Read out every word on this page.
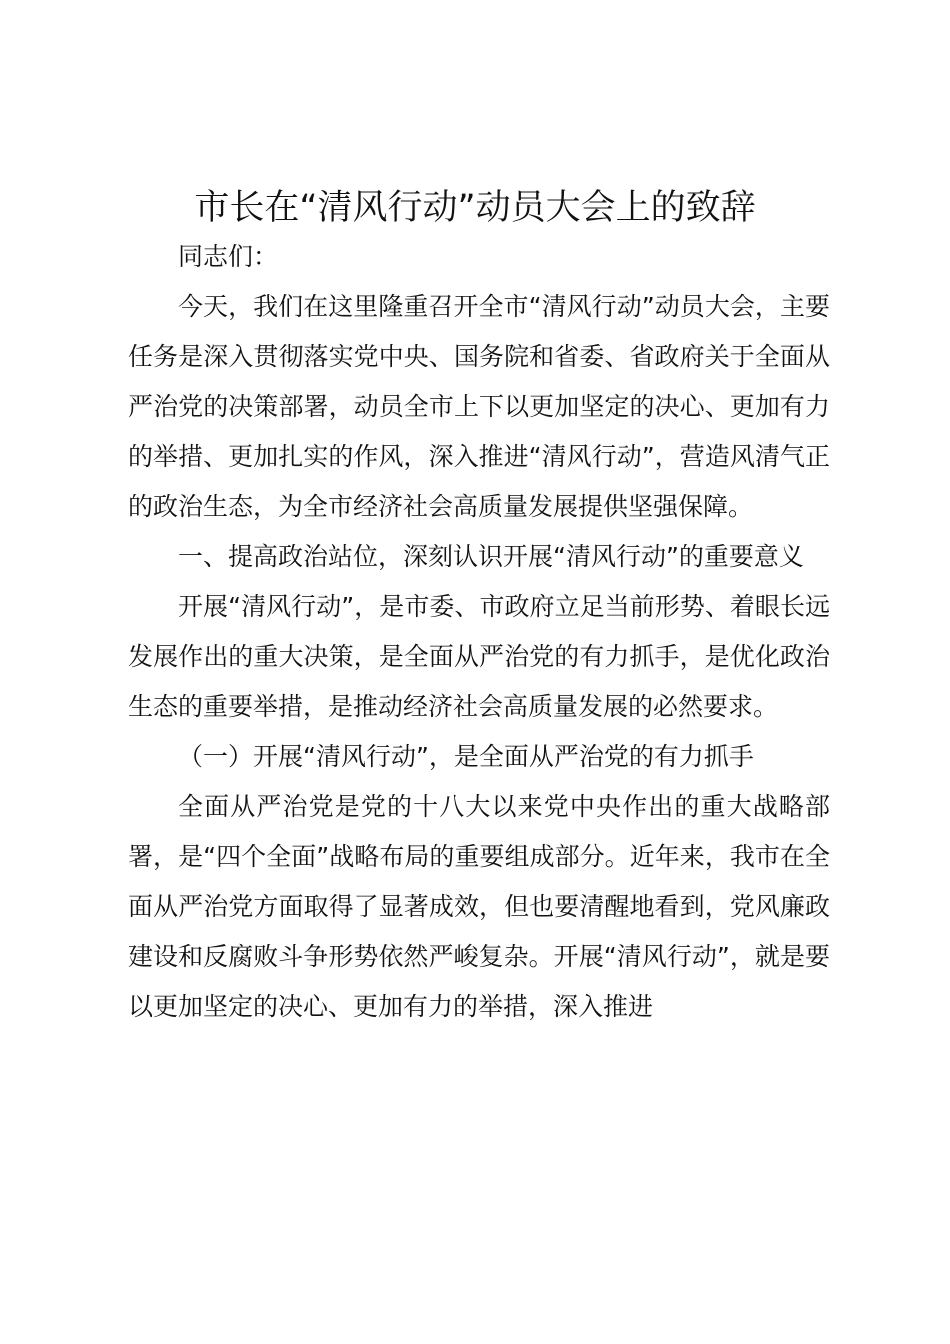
市长在“清风行动”动员大会上的致辞

同志们：

今天，我们在这里隆重召开全市“清风行动”动员大会，主要任务是深入贯彻落实党中央、国务院和省委、省政府关于全面从严治党的决策部署，动员全市上下以更加坚定的决心、更加有力的举措、更加扎实的作风，深入推进“清风行动”，营造风清气正的政治生态，为全市经济社会高质量发展提供坚强保障。

一、提高政治站位，深刻认识开展“清风行动”的重要意义

开展“清风行动”，是市委、市政府立足当前形势、着眼长远发展作出的重大决策，是全面从严治党的有力抓手，是优化政治生态的重要举措，是推动经济社会高质量发展的必然要求。

（一）开展“清风行动”，是全面从严治党的有力抓手

全面从严治党是党的十八大以来党中央作出的重大战略部署，是“四个全面”战略布局的重要组成部分。近年来，我市在全面从严治党方面取得了显著成效，但也要清醒地看到，党风廉政建设和反腐败斗争形势依然严峻复杂。开展“清风行动”，就是要以更加坚定的决心、更加有力的举措，深入推进
